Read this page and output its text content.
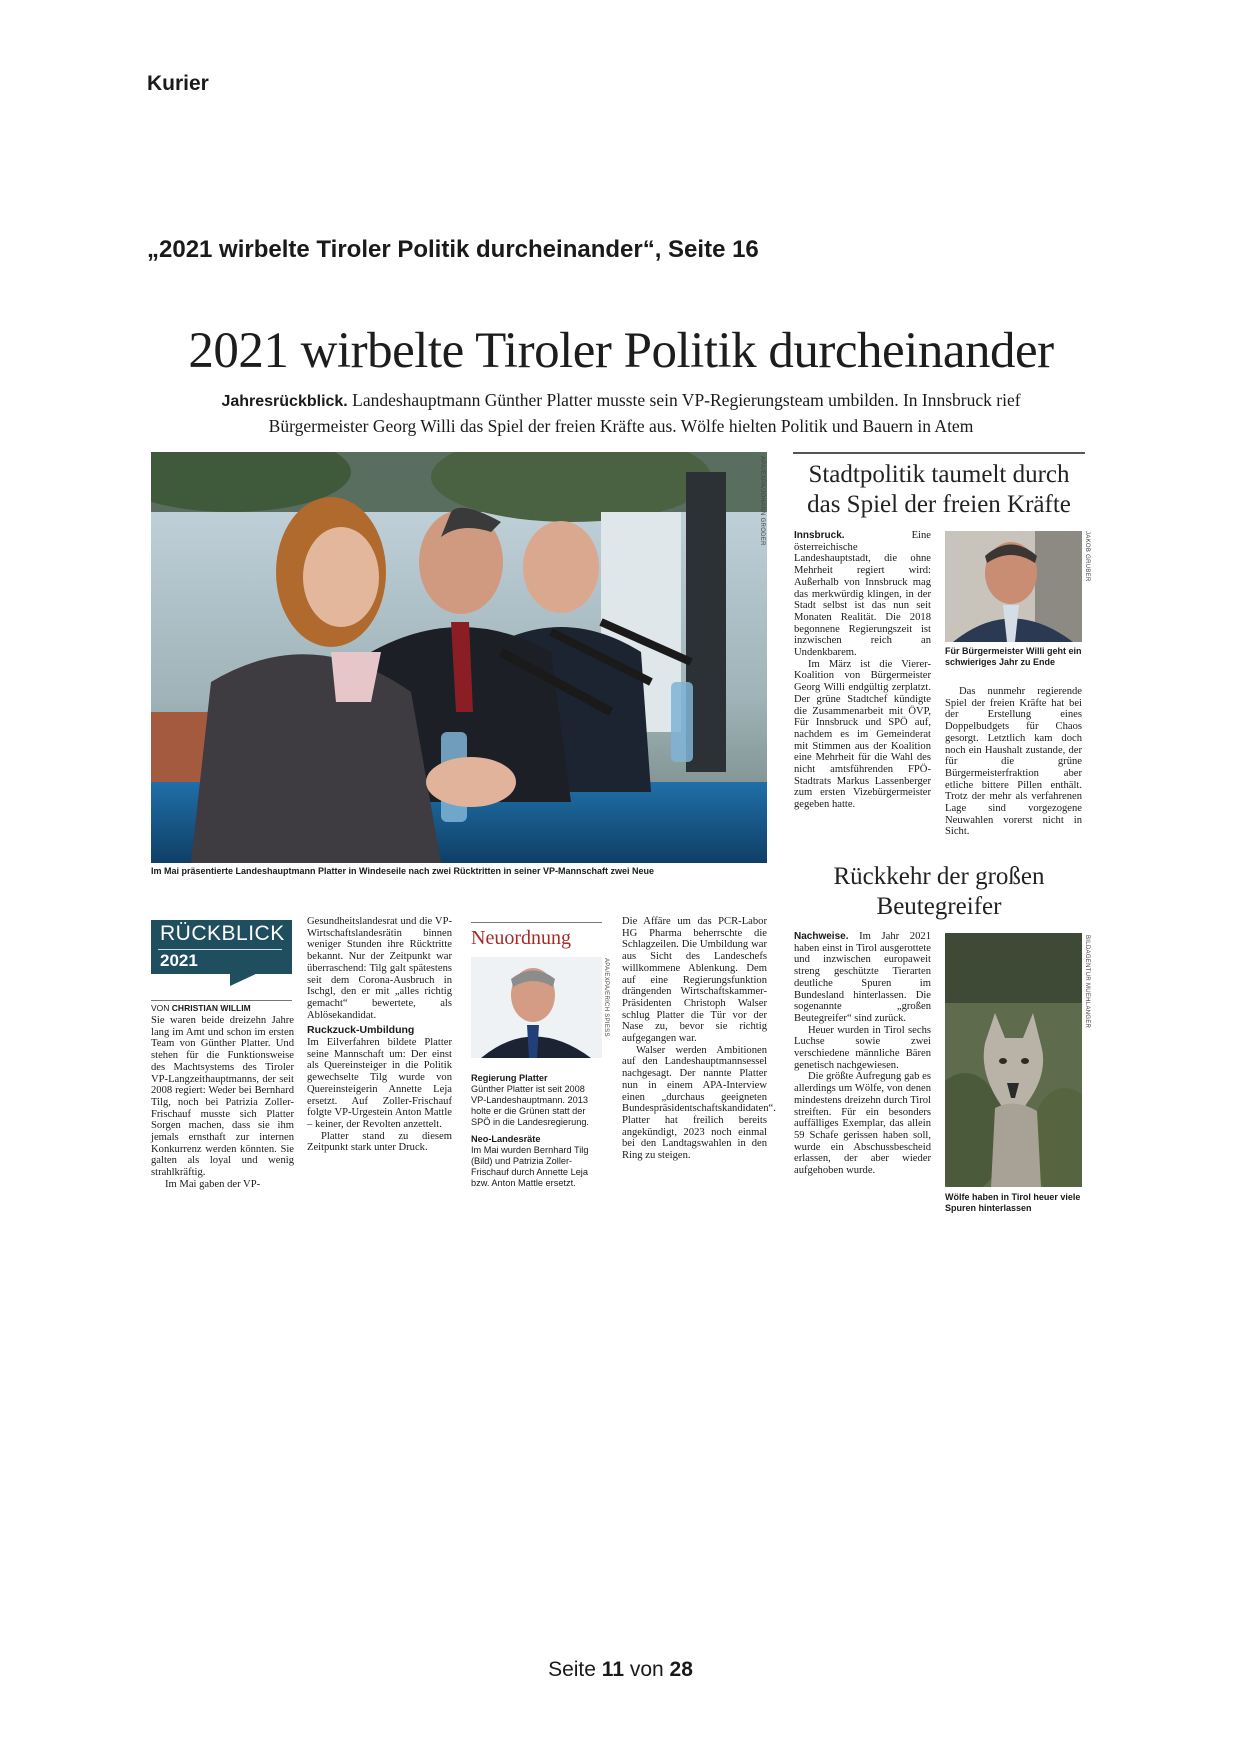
Kurier
„2021 wirbelte Tiroler Politik durcheinander“, Seite 16
2021 wirbelte Tiroler Politik durcheinander
Jahresrückblick. Landeshauptmann Günther Platter musste sein VP-Regierungsteam umbilden. In Innsbruck rief Bürgermeister Georg Willi das Spiel der freien Kräfte aus. Wölfe hielten Politik und Bauern in Atem
APA/EXPA/JOHANN GRODER
Im Mai präsentierte Landeshauptmann Platter in Windeseile nach zwei Rücktritten in seiner VP-Mannschaft zwei Neue
RÜCKBLICK
2021
VON CHRISTIAN WILLIM

Sie waren beide dreizehn Jahre lang im Amt und schon im ersten Team von Günther Platter. Und stehen für die Funktionsweise des Machtsystems des Tiroler VP-Langzeithauptmanns, der seit 2008 regiert: Weder bei Bernhard Tilg, noch bei Patrizia Zoller-Frischauf musste sich Platter Sorgen machen, dass sie ihm jemals ernsthaft zur internen Konkurrenz werden könnten. Sie galten als loyal und wenig strahlkräftig.

Im Mai gaben der VP-

Gesundheitslandesrat und die VP-Wirtschaftslandesrätin binnen weniger Stunden ihre Rücktritte bekannt. Nur der Zeitpunkt war überraschend: Tilg galt spätestens seit dem Corona-Ausbruch in Ischgl, den er mit „alles richtig gemacht“ bewertete, als Ablösekandidat.

Ruckzuck-Umbildung

Im Eilverfahren bildete Platter seine Mannschaft um: Der einst als Quereinsteiger in die Politik gewechselte Tilg wurde von Quereinsteigerin Annette Leja ersetzt. Auf Zoller-Frischauf folgte VP-Urgestein Anton Mattle – keiner, der Revolten anzettelt.

Platter stand zu diesem Zeitpunkt stark unter Druck.

Neuordnung
APA/EXPA/ERICH SPIESS
Regierung Platter
Günther Platter ist seit 2008 VP-Landeshauptmann. 2013 holte er die Grünen statt der SPÖ in die Landesregierung.
Neo-Landesräte
Im Mai wurden Bernhard Tilg (Bild) und Patrizia Zoller-Frischauf durch Annette Leja bzw. Anton Mattle ersetzt.

Die Affäre um das PCR-Labor HG Pharma beherrschte die Schlagzeilen. Die Umbildung war aus Sicht des Landeschefs willkommene Ablenkung. Dem auf eine Regierungsfunktion drängenden Wirtschaftskammer-Präsidenten Christoph Walser schlug Platter die Tür vor der Nase zu, bevor sie richtig aufgegangen war.

Walser werden Ambitionen auf den Landeshauptmannsessel nachgesagt. Der nannte Platter nun in einem APA-Interview einen „durchaus geeigneten Bundespräsidentschaftskandidaten“. Platter hat freilich bereits angekündigt, 2023 noch einmal bei den Landtagswahlen in den Ring zu steigen.

Stadtpolitik taumelt durch das Spiel der freien Kräfte

Innsbruck.	Eine österreichische Landeshauptstadt, die ohne Mehrheit regiert wird: Außerhalb von Innsbruck mag das merkwürdig klingen, in der Stadt selbst ist das nun seit Monaten Realität. Die 2018 begonnene Regierungszeit ist inzwischen reich an Undenkbarem.

Im März ist die Vierer-Koalition von Bürgermeister Georg Willi endgültig zerplatzt. Der grüne Stadtchef kündigte die Zusammenarbeit mit ÖVP, Für Innsbruck und SPÖ auf, nachdem es im Gemeinderat mit Stimmen aus der Koalition eine Mehrheit für die Wahl des nicht amtsführenden FPÖ-Stadtrats Markus Lassenberger zum ersten Vizebürgermeister gegeben hatte.

JAKOB GRUBER
Für Bürgermeister Willi geht ein schwieriges Jahr zu Ende

Das nunmehr regierende Spiel der freien Kräfte hat bei der Erstellung eines Doppelbudgets für Chaos gesorgt. Letztlich kam doch noch ein Haushalt zustande, der für die grüne Bürgermeisterfraktion aber etliche bittere Pillen enthält. Trotz der mehr als verfahrenen Lage sind vorgezogene Neuwahlen vorerst nicht in Sicht.

Rückkehr der großen Beutegreifer

Nachweise. Im Jahr 2021 haben einst in Tirol ausgerottete und inzwischen europaweit streng geschützte Tierarten deutliche Spuren im Bundesland hinterlassen. Die sogenannte „großen Beutegreifer“ sind zurück.

Heuer wurden in Tirol sechs Luchse sowie zwei verschiedene männliche Bären genetisch nachgewiesen.

Die größte Aufregung gab es allerdings um Wölfe, von denen mindestens dreizehn durch Tirol streiften. Für ein besonders auffälliges Exemplar, das allein 59 Schafe gerissen haben soll, wurde ein Abschussbescheid erlassen, der aber wieder aufgehoben wurde.

BILDAGENTUR MUEHLANGER
Wölfe haben in Tirol heuer viele Spuren hinterlassen
Seite 11 von 28
